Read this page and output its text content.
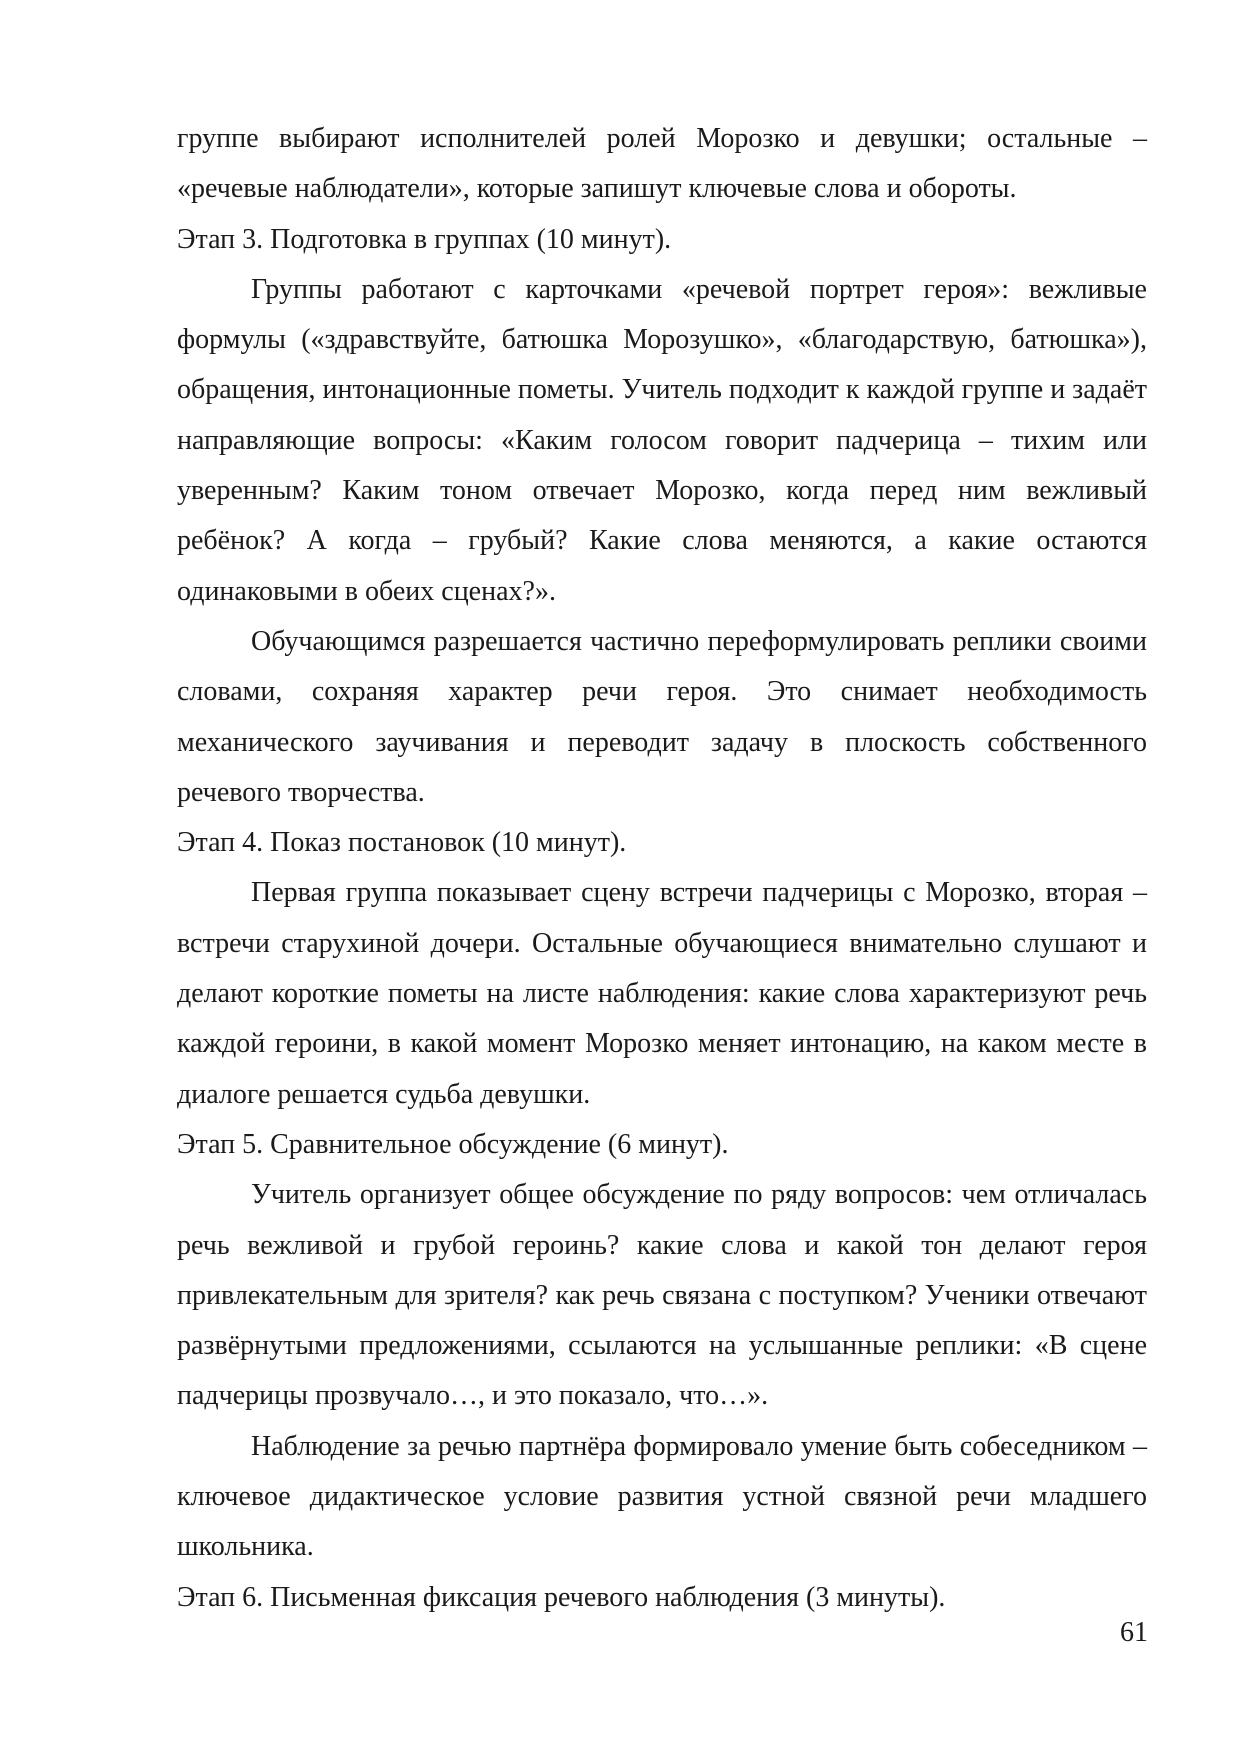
группе выбирают исполнителей ролей Морозко и девушки; остальные – «речевые наблюдатели», которые запишут ключевые слова и обороты.

Этап 3. Подготовка в группах (10 минут).

Группы работают с карточками «речевой портрет героя»: вежливые формулы («здравствуйте, батюшка Морозушко», «благодарствую, батюшка»), обращения, интонационные пометы. Учитель подходит к каждой группе и задаёт направляющие вопросы: «Каким голосом говорит падчерица – тихим или уверенным? Каким тоном отвечает Морозко, когда перед ним вежливый ребёнок? А когда – грубый? Какие слова меняются, а какие остаются одинаковыми в обеих сценах?».

Обучающимся разрешается частично переформулировать реплики своими словами, сохраняя характер речи героя. Это снимает необходимость механического заучивания и переводит задачу в плоскость собственного речевого творчества.

Этап 4. Показ постановок (10 минут).

Первая группа показывает сцену встречи падчерицы с Морозко, вторая – встречи старухиной дочери. Остальные обучающиеся внимательно слушают и делают короткие пометы на листе наблюдения: какие слова характеризуют речь каждой героини, в какой момент Морозко меняет интонацию, на каком месте в диалоге решается судьба девушки.

Этап 5. Сравнительное обсуждение (6 минут).

Учитель организует общее обсуждение по ряду вопросов: чем отличалась речь вежливой и грубой героинь? какие слова и какой тон делают героя привлекательным для зрителя? как речь связана с поступком? Ученики отвечают развёрнутыми предложениями, ссылаются на услышанные реплики: «В сцене падчерицы прозвучало…, и это показало, что…».

Наблюдение за речью партнёра формировало умение быть собеседником – ключевое дидактическое условие развития устной связной речи младшего школьника.

Этап 6. Письменная фиксация речевого наблюдения (3 минуты).

61
